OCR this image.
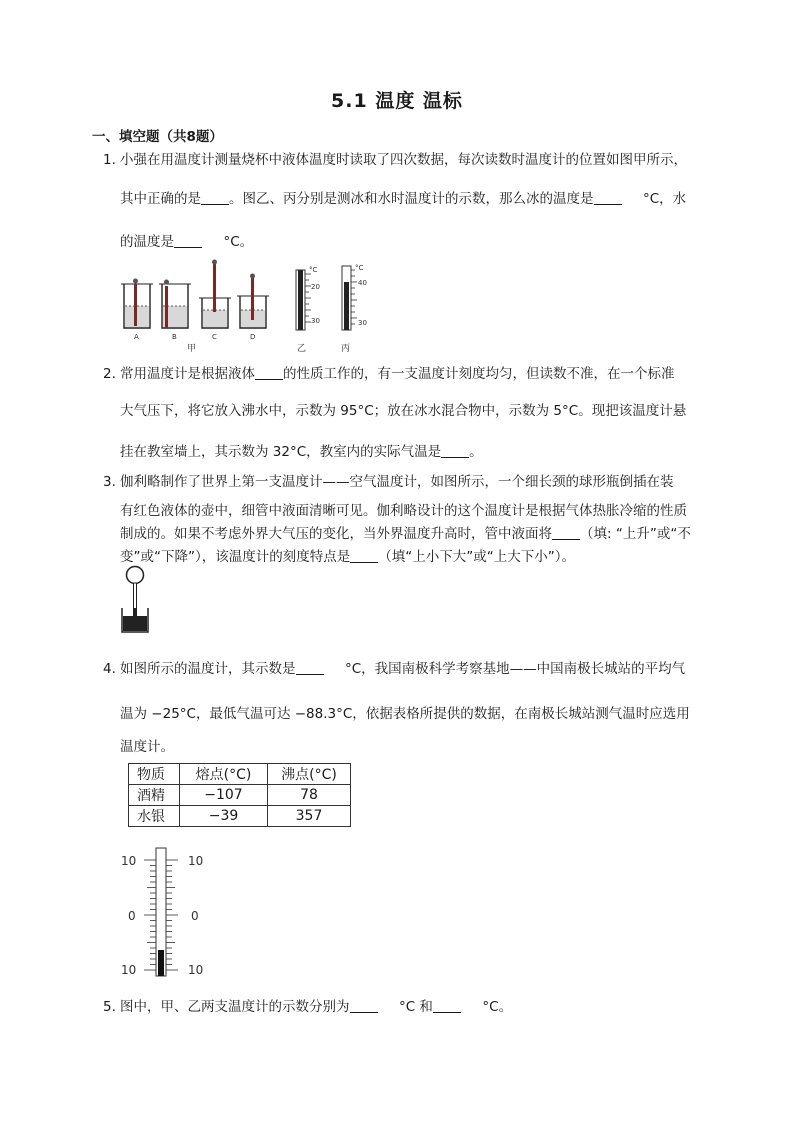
5.1 温度 温标
一、填空题（共8题）
1. 小强在用温度计测量烧杯中液体温度时读取了四次数据，每次读数时温度计的位置如图甲所示，
其中正确的是 。图乙、丙分别是测冰和水时温度计的示数，那么冰的温度是	°C，水
的温度是	°C。
A	B	C	D
甲
°C
20
30
乙
°C
40
30
丙
2. 常用温度计是根据液体 的性质工作的，有一支温度计刻度均匀，但读数不准，在一个标准
大气压下，将它放入沸水中，示数为 95°C；放在冰水混合物中，示数为 5°C。现把该温度计悬
挂在教室墙上，其示数为 32°C，教室内的实际气温是 。
3. 伽利略制作了世界上第一支温度计——空气温度计，如图所示，一个细长颈的球形瓶倒插在装
有红色液体的壶中，细管中液面清晰可见。伽利略设计的这个温度计是根据气体热胀冷缩的性质
制成的。如果不考虑外界大气压的变化，当外界温度升高时，管中液面将 （填: “上升”或“不
变”或“下降”），该温度计的刻度特点是 （填“上小下大”或“上大下小”）。
4. 如图所示的温度计，其示数是	°C，我国南极科学考察基地——中国南极长城站的平均气
温为 −25°C，最低气温可达 −88.3°C，依据表格所提供的数据，在南极长城站测气温时应选用
温度计。
物质	熔点(°C)	沸点(°C)
酒精	−107	78
水银	−39	357
10
0
10
10
0
10
5. 图中，甲、乙两支温度计的示数分别为	°C 和	°C。
